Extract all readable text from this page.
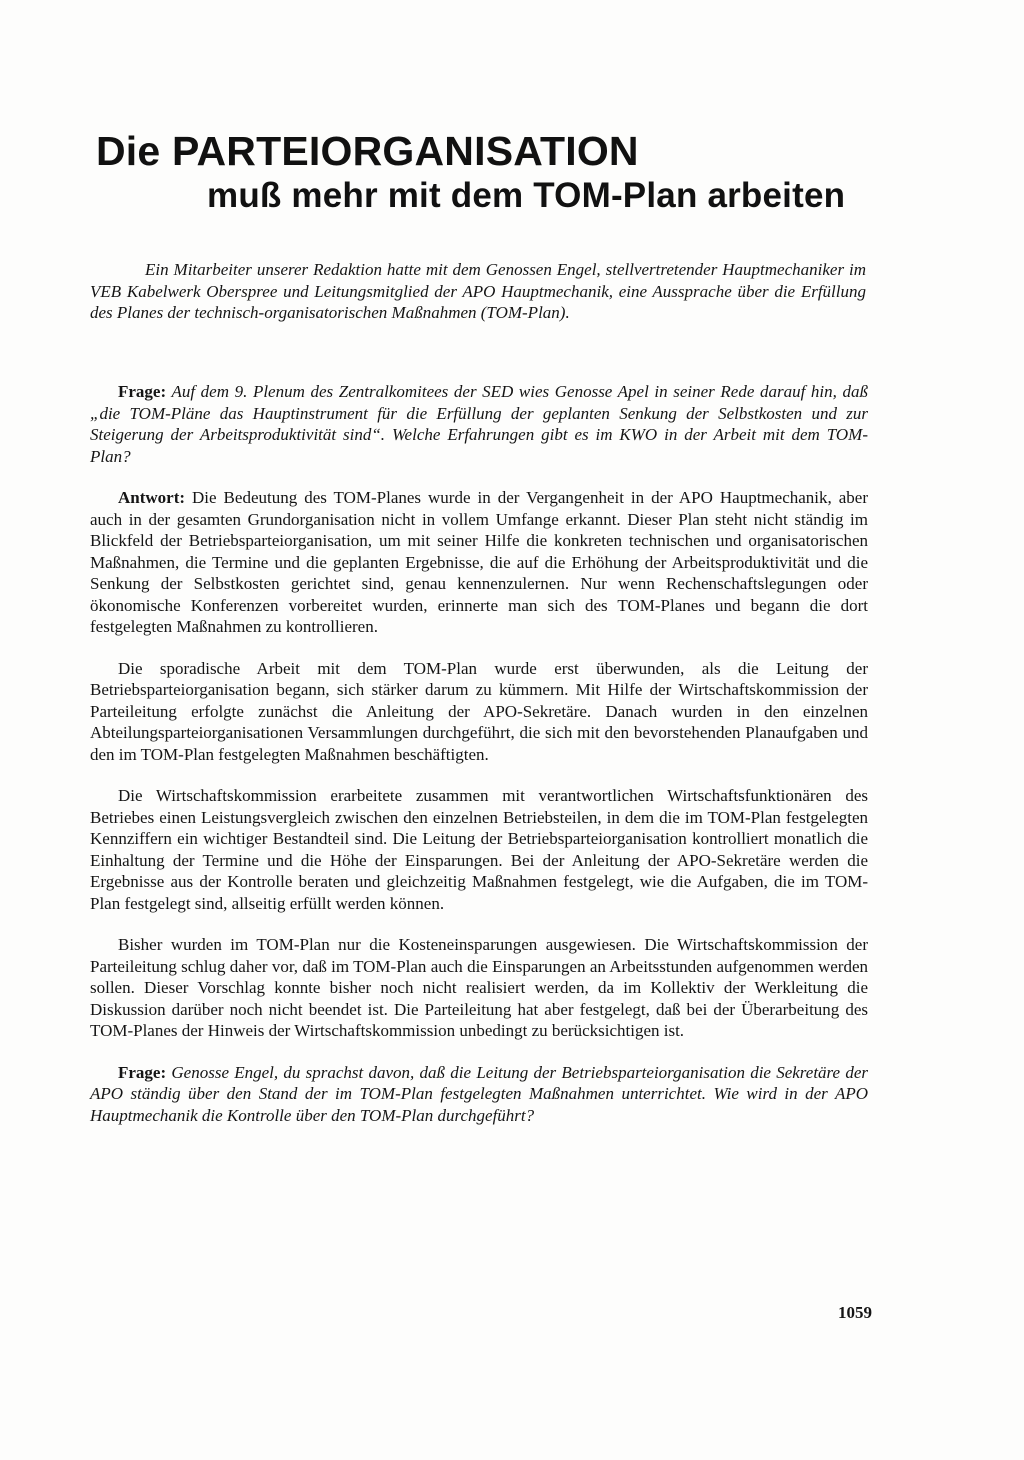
Die PARTEIORGANISATION
muß mehr mit dem TOM-Plan arbeiten

Ein Mitarbeiter unserer Redaktion hatte mit dem Genossen Engel, stellvertretender Hauptmechaniker im VEB Kabelwerk Oberspree und Leitungsmitglied der APO Hauptmechanik, eine Aussprache über die Erfüllung des Planes der technisch-organisatorischen Maßnahmen (TOM-Plan).

Frage: Auf dem 9. Plenum des Zentralkomitees der SED wies Genosse Apel in seiner Rede darauf hin, daß „die TOM-Pläne das Hauptinstrument für die Erfüllung der geplanten Senkung der Selbstkosten und zur Steigerung der Arbeitsproduktivität sind“. Welche Erfahrungen gibt es im KWO in der Arbeit mit dem TOM-Plan?

Antwort: Die Bedeutung des TOM-Planes wurde in der Vergangenheit in der APO Hauptmechanik, aber auch in der gesamten Grundorganisation nicht in vollem Umfange erkannt. Dieser Plan steht nicht ständig im Blickfeld der Betriebsparteiorganisation, um mit seiner Hilfe die konkreten technischen und organisatorischen Maßnahmen, die Termine und die geplanten Ergebnisse, die auf die Erhöhung der Arbeitsproduktivität und die Senkung der Selbstkosten gerichtet sind, genau kennenzulernen. Nur wenn Rechenschaftslegungen oder ökonomische Konferenzen vorbereitet wurden, erinnerte man sich des TOM-Planes und begann die dort festgelegten Maßnahmen zu kontrollieren.

Die sporadische Arbeit mit dem TOM-Plan wurde erst überwunden, als die Leitung der Betriebsparteiorganisation begann, sich stärker darum zu kümmern. Mit Hilfe der Wirtschaftskommission der Parteileitung erfolgte zunächst die Anleitung der APO-Sekretäre. Danach wurden in den einzelnen Abteilungsparteiorganisationen Versammlungen durchgeführt, die sich mit den bevorstehenden Planaufgaben und den im TOM-Plan festgelegten Maßnahmen beschäftigten.

Die Wirtschaftskommission erarbeitete zusammen mit verantwortlichen Wirtschaftsfunktionären des Betriebes einen Leistungsvergleich zwischen den einzelnen Betriebsteilen, in dem die im TOM-Plan festgelegten Kennziffern ein wichtiger Bestandteil sind. Die Leitung der Betriebsparteiorganisation kontrolliert monatlich die Einhaltung der Termine und die Höhe der Einsparungen. Bei der Anleitung der APO-Sekretäre werden die Ergebnisse aus der Kontrolle beraten und gleichzeitig Maßnahmen festgelegt, wie die Aufgaben, die im TOM-Plan festgelegt sind, allseitig erfüllt werden können.

Bisher wurden im TOM-Plan nur die Kosteneinsparungen ausgewiesen. Die Wirtschaftskommission der Parteileitung schlug daher vor, daß im TOM-Plan auch die Einsparungen an Arbeitsstunden aufgenommen werden sollen. Dieser Vorschlag konnte bisher noch nicht realisiert werden, da im Kollektiv der Werkleitung die Diskussion darüber noch nicht beendet ist. Die Parteileitung hat aber festgelegt, daß bei der Überarbeitung des TOM-Planes der Hinweis der Wirtschaftskommission unbedingt zu berücksichtigen ist.

Frage: Genosse Engel, du sprachst davon, daß die Leitung der Betriebsparteiorganisation die Sekretäre der APO ständig über den Stand der im TOM-Plan festgelegten Maßnahmen unterrichtet. Wie wird in der APO Hauptmechanik die Kontrolle über den TOM-Plan durchgeführt?

1059
